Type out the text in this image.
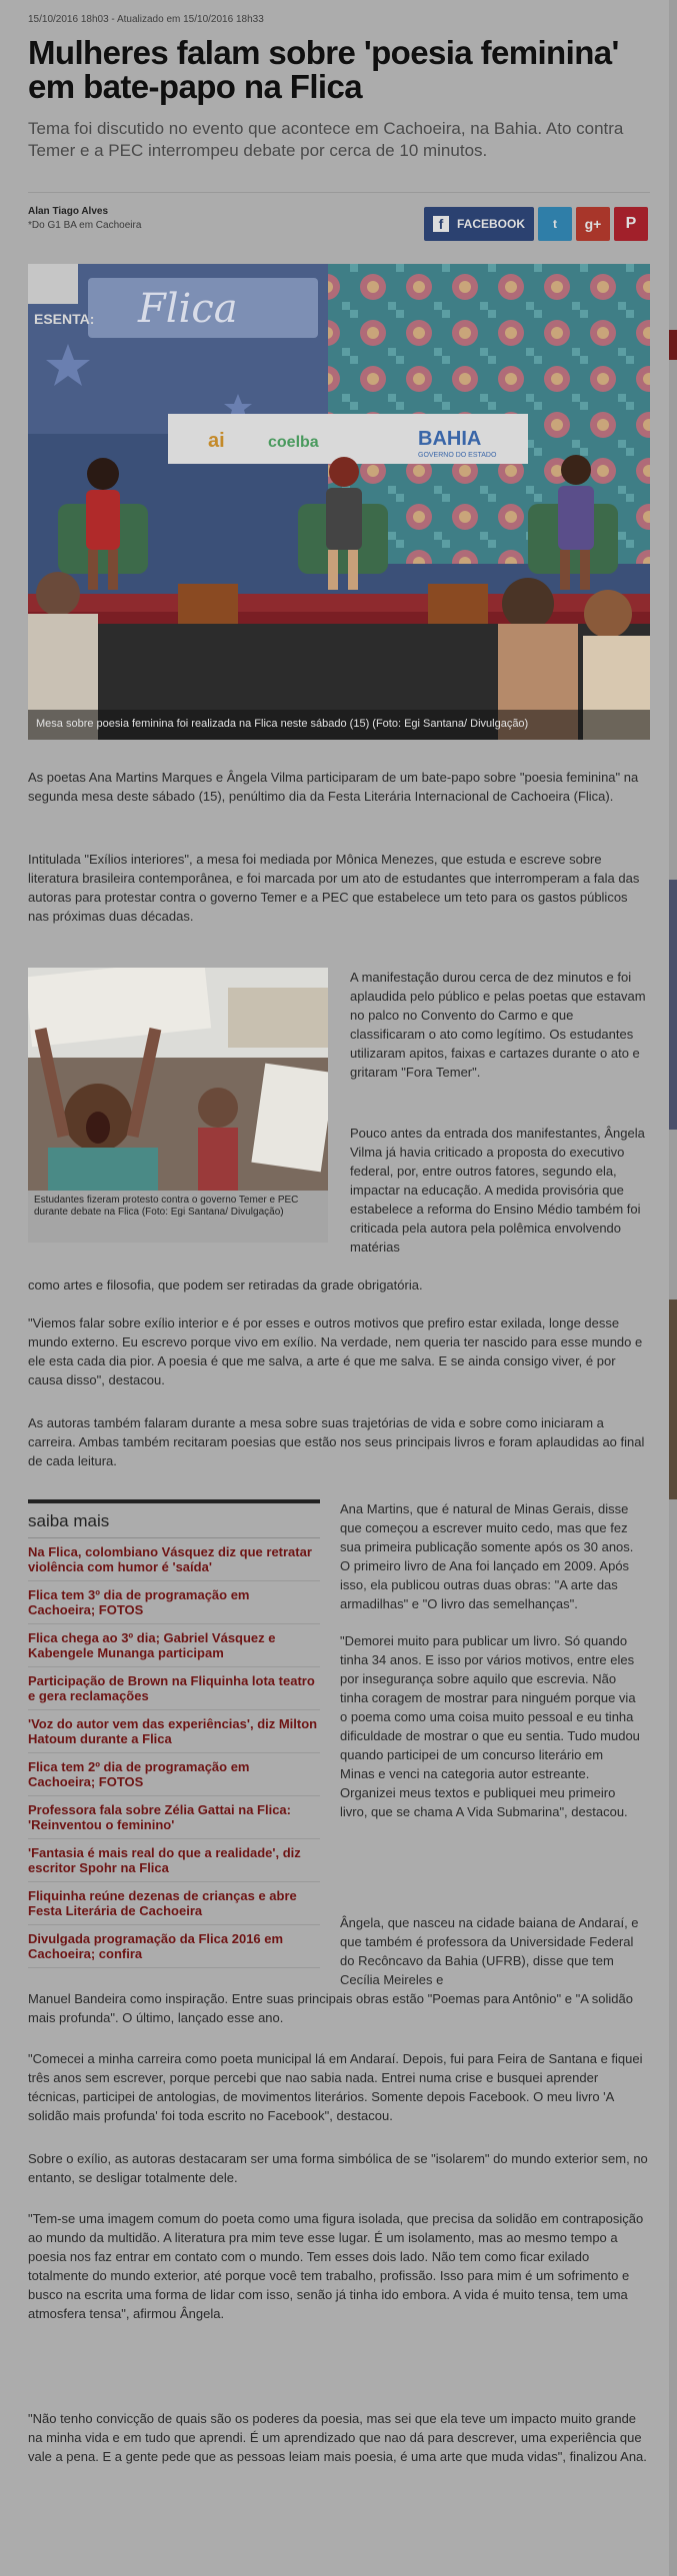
15/10/2016 18h03 - Atualizado em 15/10/2016 18h33
Mulheres falam sobre 'poesia feminina' em bate-papo na Flica
Tema foi discutido no evento que acontece em Cachoeira, na Bahia. Ato contra Temer e a PEC interrompeu debate por cerca de 10 minutos.
Alan Tiago Alves
*Do G1 BA em Cachoeira	f	FACEBOOK t g+ P
Flica
ESENTA:
ai	coelba	BAHIA
GOVERNO DO ESTADO
Mesa sobre poesia feminina foi realizada na Flica neste sábado (15) (Foto: Egi Santana/ Divulgação)

As poetas Ana Martins Marques e Ângela Vilma participaram de um bate-papo sobre "poesia feminina" na segunda mesa deste sábado (15), penúltimo dia da Festa Literária Internacional de Cachoeira (Flica).

Intitulada "Exílios interiores", a mesa foi mediada por Mônica Menezes, que estuda e escreve sobre literatura brasileira contemporânea, e foi marcada por um ato de estudantes que interromperam a fala das autoras para protestar contra o governo Temer e a PEC que estabelece um teto para os gastos públicos nas próximas duas décadas.

Estudantes fizeram protesto contra o governo Temer e PEC durante debate na Flica (Foto: Egi Santana/ Divulgação)

A manifestação durou cerca de dez minutos e foi aplaudida pelo público e pelas poetas que estavam no palco no Convento do Carmo e que classificaram o ato como legítimo. Os estudantes utilizaram apitos, faixas e cartazes durante o ato e gritaram "Fora Temer".

Pouco antes da entrada dos manifestantes, Ângela Vilma já havia criticado a proposta do executivo federal, por, entre outros fatores, segundo ela, impactar na educação. A medida provisória que estabelece a reforma do Ensino Médio também foi criticada pela autora pela polêmica envolvendo matérias

como artes e filosofia, que podem ser retiradas da grade obrigatória.

"Viemos falar sobre exílio interior e é por esses e outros motivos que prefiro estar exilada, longe desse mundo externo. Eu escrevo porque vivo em exílio. Na verdade, nem queria ter nascido para esse mundo e ele esta cada dia pior. A poesia é que me salva, a arte é que me salva. E se ainda consigo viver, é por causa disso", destacou.

As autoras também falaram durante a mesa sobre suas trajetórias de vida e sobre como iniciaram a carreira. Ambas também recitaram poesias que estão nos seus principais livros e foram aplaudidas ao final de cada leitura.

saiba mais
Na Flica, colombiano Vásquez diz que retratar violência com humor é 'saída'
Flica tem 3º dia de programação em Cachoeira; FOTOS
Flica chega ao 3º dia; Gabriel Vásquez e Kabengele Munanga participam
Participação de Brown na Fliquinha lota teatro e gera reclamações
'Voz do autor vem das experiências', diz Milton Hatoum durante a Flica
Flica tem 2º dia de programação em Cachoeira; FOTOS
Professora fala sobre Zélia Gattai na Flica: 'Reinventou o feminino'
'Fantasia é mais real do que a realidade', diz escritor Spohr na Flica
Fliquinha reúne dezenas de crianças e abre Festa Literária de Cachoeira
Divulgada programação da Flica 2016 em Cachoeira; confira

Ana Martins, que é natural de Minas Gerais, disse que começou a escrever muito cedo, mas que fez sua primeira publicação somente após os 30 anos. O primeiro livro de Ana foi lançado em 2009. Após isso, ela publicou outras duas obras: "A arte das armadilhas" e "O livro das semelhanças".

"Demorei muito para publicar um livro. Só quando tinha 34 anos. E isso por vários motivos, entre eles por insegurança sobre aquilo que escrevia. Não tinha coragem de mostrar para ninguém porque via o poema como uma coisa muito pessoal e eu tinha dificuldade de mostrar o que eu sentia. Tudo mudou quando participei de um concurso literário em Minas e venci na categoria autor estreante. Organizei meus textos e publiquei meu primeiro livro, que se chama A Vida Submarina", destacou.

Ângela, que nasceu na cidade baiana de Andaraí, e que também é professora da Universidade Federal do Recôncavo da Bahia (UFRB), disse que tem Cecília Meireles e

Manuel Bandeira como inspiração. Entre suas principais obras estão "Poemas para Antônio" e "A solidão mais profunda". O último, lançado esse ano.

"Comecei a minha carreira como poeta municipal lá em Andaraí. Depois, fui para Feira de Santana e fiquei três anos sem escrever, porque percebi que nao sabia nada. Entrei numa crise e busquei aprender técnicas, participei de antologias, de movimentos literários. Somente depois Facebook. O meu livro 'A solidão mais profunda' foi toda escrito no Facebook", destacou.

Sobre o exílio, as autoras destacaram ser uma forma simbólica de se "isolarem" do mundo exterior sem, no entanto, se desligar totalmente dele.

"Tem-se uma imagem comum do poeta como uma figura isolada, que precisa da solidão em contraposição ao mundo da multidão. A literatura pra mim teve esse lugar. É um isolamento, mas ao mesmo tempo a poesia nos faz entrar em contato com o mundo. Tem esses dois lado. Não tem como ficar exilado totalmente do mundo exterior, até porque você tem trabalho, profissão. Isso para mim é um sofrimento e busco na escrita uma forma de lidar com isso, senão já tinha ido embora. A vida é muito tensa, tem uma atmosfera tensa", afirmou Ângela.

"Não tenho convicção de quais são os poderes da poesia, mas sei que ela teve um impacto muito grande na minha vida e em tudo que aprendi. É um aprendizado que nao dá para descrever, uma experiência que vale a pena. E a gente pede que as pessoas leiam mais poesia, é uma arte que muda vidas", finalizou Ana.
